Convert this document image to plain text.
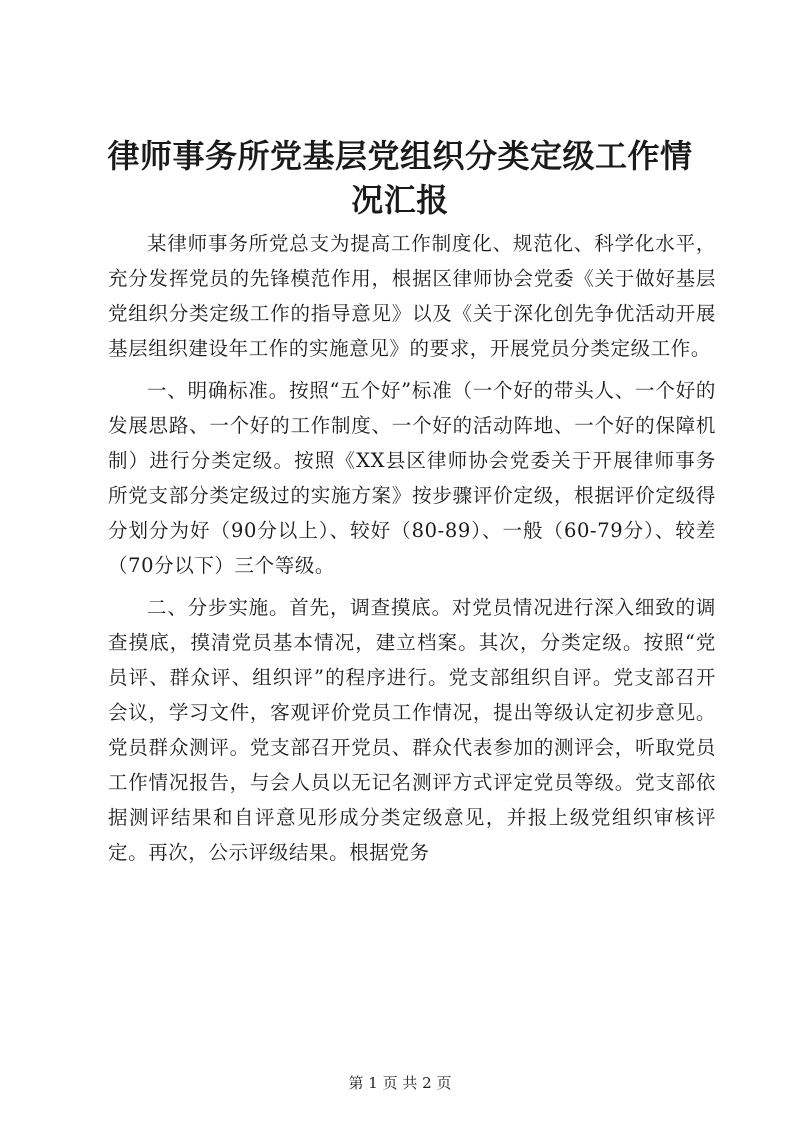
律师事务所党基层党组织分类定级工作情况汇报

某律师事务所党总支为提高工作制度化、规范化、科学化水平，充分发挥党员的先锋模范作用，根据区律师协会党委《关于做好基层党组织分类定级工作的指导意见》以及《关于深化创先争优活动开展基层组织建设年工作的实施意见》的要求，开展党员分类定级工作。

一、明确标准。按照“五个好”标准（一个好的带头人、一个好的发展思路、一个好的工作制度、一个好的活动阵地、一个好的保障机制）进行分类定级。按照《XX县区律师协会党委关于开展律师事务所党支部分类定级过的实施方案》按步骤评价定级，根据评价定级得分划分为好（90分以上）、较好（80-89）、一般（60-79分）、较差（70分以下）三个等级。

二、分步实施。首先，调查摸底。对党员情况进行深入细致的调查摸底，摸清党员基本情况，建立档案。其次，分类定级。按照“党员评、群众评、组织评”的程序进行。党支部组织自评。党支部召开会议，学习文件，客观评价党员工作情况，提出等级认定初步意见。党员群众测评。党支部召开党员、群众代表参加的测评会，听取党员工作情况报告，与会人员以无记名测评方式评定党员等级。党支部依据测评结果和自评意见形成分类定级意见，并报上级党组织审核评定。再次，公示评级结果。根据党务

第 1 页 共 2 页
